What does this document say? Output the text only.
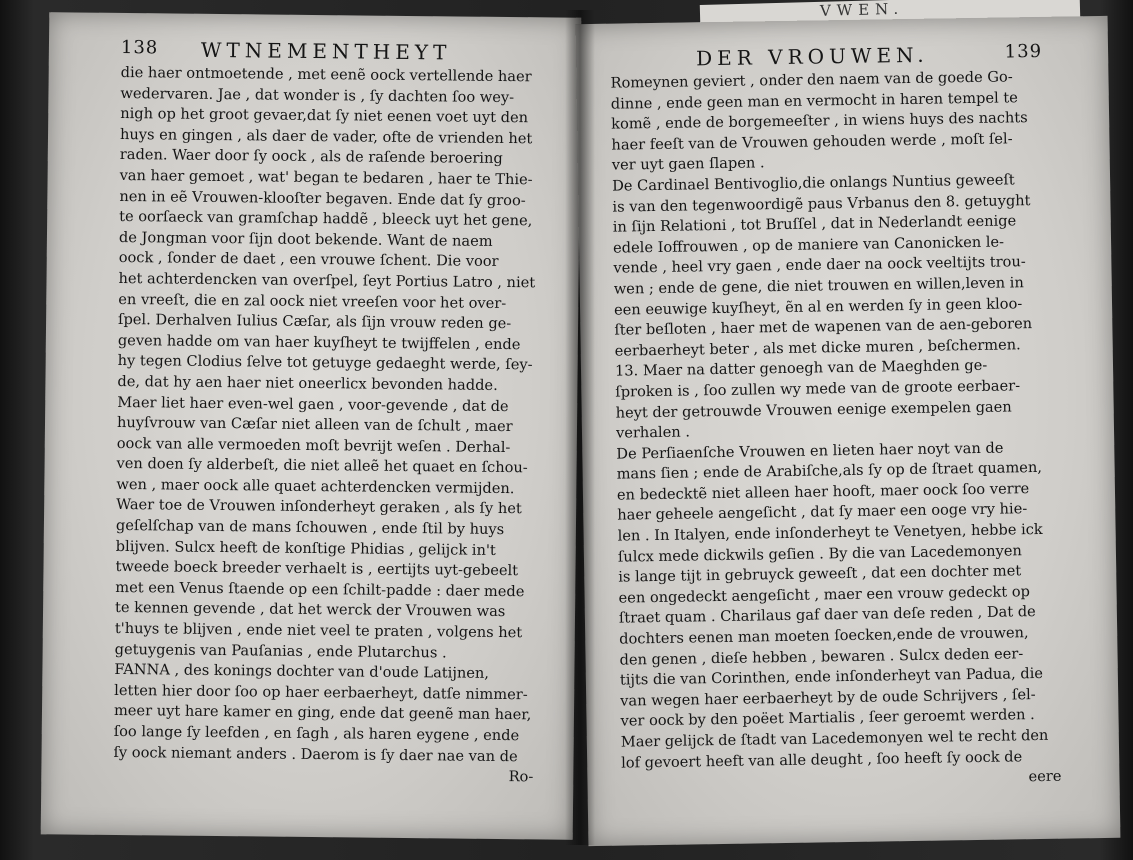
VWEN.
138 WTNEMENTHEYT
die haer ontmoetende , met eenẽ oock vertellende haer
wedervaren. Jae , dat wonder is , ſy dachten ſoo wey-
nigh op het groot gevaer,dat ſy niet eenen voet uyt den
huys en gingen , als daer de vader, ofte de vrienden het
raden. Waer door ſy oock , als de raſende beroering
van haer gemoet , wat' began te bedaren , haer te Thie-
nen in eẽ Vrouwen-klooſter begaven. Ende dat ſy groo-
te oorſaeck van gramſchap haddẽ , bleeck uyt het gene,
de Jongman voor ſijn doot bekende. Want de naem
oock , ſonder de daet , een vrouwe ſchent. Die voor
het achterdencken van overſpel, ſeyt Portius Latro , niet
en vreeſt, die en zal oock niet vreeſen voor het over-
ſpel. Derhalven Iulius Cæſar, als ſijn vrouw reden ge-
geven hadde om van haer kuyſheyt te twijffelen , ende
hy tegen Clodius ſelve tot getuyge gedaeght werde, ſey-
de, dat hy aen haer niet oneerlicx bevonden hadde.
Maer liet haer even-wel gaen , voor-gevende , dat de
huyſvrouw van Cæſar niet alleen van de ſchult , maer
oock van alle vermoeden moſt bevrijt weſen . Derhal-
ven doen ſy alderbeſt, die niet alleẽ het quaet en ſchou-
wen , maer oock alle quaet achterdencken vermijden.
Waer toe de Vrouwen inſonderheyt geraken , als ſy het
geſelſchap van de mans ſchouwen , ende ſtil by huys
blijven. Sulcx heeft de konſtige Phidias , gelijck in't
tweede boeck breeder verhaelt is , eertijts uyt-gebeelt
met een Venus ſtaende op een ſchilt-padde : daer mede
te kennen gevende , dat het werck der Vrouwen was
t'huys te blijven , ende niet veel te praten , volgens het
getuygenis van Pauſanias , ende Plutarchus .
FANNA , des konings dochter van d'oude Latijnen,
letten hier door ſoo op haer eerbaerheyt, datſe nimmer-
meer uyt hare kamer en ging, ende dat geenẽ man haer,
ſoo lange ſy leefden , en ſagh , als haren eygene , ende
ſy oock niemant anders . Daerom is ſy daer nae van de
Ro-
DER VROUWEN.	139
Romeynen geviert , onder den naem van de goede Go-
dinne , ende geen man en vermocht in haren tempel te
komẽ , ende de borgemeeſter , in wiens huys des nachts
haer feeſt van de Vrouwen gehouden werde , moſt ſel-
ver uyt gaen ſlapen .
De Cardinael Bentivoglio,die onlangs Nuntius geweeſt
is van den tegenwoordigẽ paus Vrbanus den 8. getuyght
in ſijn Relationi , tot Bruſſel , dat in Nederlandt eenige
edele Ioffrouwen , op de maniere van Canonicken le-
vende , heel vry gaen , ende daer na oock veeltijts trou-
wen ; ende de gene, die niet trouwen en willen,leven in
een eeuwige kuyſheyt, ẽn al en werden ſy in geen kloo-
ſter beſloten , haer met de wapenen van de aen-geboren
eerbaerheyt beter , als met dicke muren , beſchermen.
13. Maer na datter genoegh van de Maeghden ge-
ſproken is , ſoo zullen wy mede van de groote eerbaer-
heyt der getrouwde Vrouwen eenige exempelen gaen
verhalen .
De Perſiaenſche Vrouwen en lieten haer noyt van de
mans ſien ; ende de Arabiſche,als ſy op de ſtraet quamen,
en bedecktẽ niet alleen haer hooft, maer oock ſoo verre
haer geheele aengeſicht , dat ſy maer een ooge vry hie-
len . In Italyen, ende inſonderheyt te Venetyen, hebbe ick
ſulcx mede dickwils geſien . By die van Lacedemonyen
is lange tijt in gebruyck geweeſt , dat een dochter met
een ongedeckt aengeſicht , maer een vrouw gedeckt op
ſtraet quam . Charilaus gaf daer van deſe reden , Dat de
dochters eenen man moeten ſoecken,ende de vrouwen,
den genen , dieſe hebben , bewaren . Sulcx deden eer-
tijts die van Corinthen, ende inſonderheyt van Padua, die
van wegen haer eerbaerheyt by de oude Schrijvers , ſel-
ver oock by den poëet Martialis , ſeer geroemt werden .
Maer gelijck de ſtadt van Lacedemonyen wel te recht den
lof gevoert heeft van alle deught , ſoo heeft ſy oock de
eere
